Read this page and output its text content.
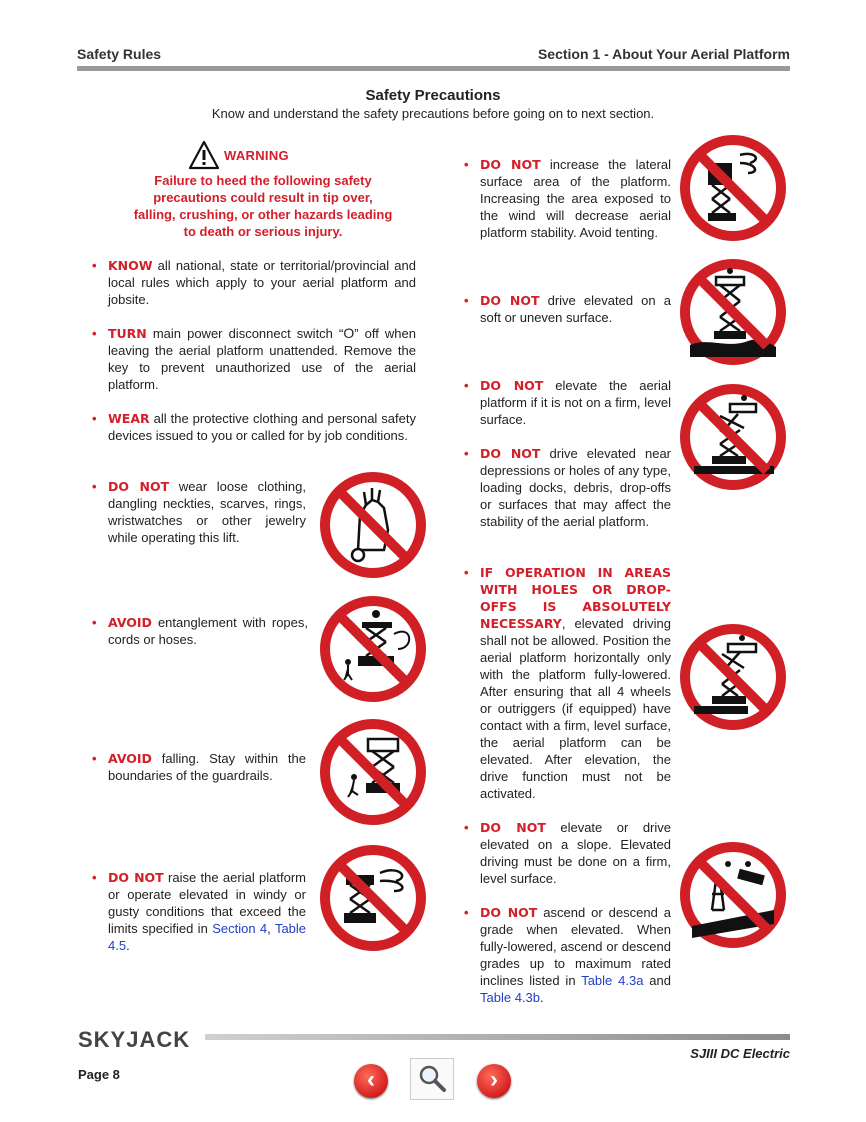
Safety Rules	Section 1 - About Your Aerial Platform
Safety Precautions
Know and understand the safety precautions before going on to next section.
WARNING
Failure to heed the following safety
precautions could result in tip over,
falling, crushing, or other hazards leading
to death or serious injury.
• KNOW all national, state or territorial/provincial and local rules which apply to your aerial platform and jobsite.
• TURN main power disconnect switch “O” off when leaving the aerial platform unattended. Remove the key to prevent unauthorized use of the aerial platform.
• WEAR all the protective clothing and personal safety devices issued to you or called for by job conditions.
• DO NOT wear loose clothing, dangling neckties, scarves, rings, wristwatches or other jewelry while operating this lift.
• AVOID entanglement with ropes, cords or hoses.
• AVOID falling. Stay within the boundaries of the guardrails.
• DO NOT raise the aerial platform or operate elevated in windy or gusty conditions that exceed the limits specified in Section 4, Table 4.5.
• DO NOT increase the lateral surface area of the platform. Increasing the area exposed to the wind will decrease aerial platform stability. Avoid tenting.
• DO NOT drive elevated on a soft or uneven surface.
• DO NOT elevate the aerial platform if it is not on a firm, level surface.
• DO NOT drive elevated near depressions or holes of any type, loading docks, debris, drop-offs or surfaces that may affect the stability of the aerial platform.
• IF OPERATION IN AREAS WITH HOLES OR DROP-OFFS IS ABSOLUTELY NECESSARY, elevated driving shall not be allowed. Position the aerial platform horizontally only with the platform fully-lowered. After ensuring that all 4 wheels or outriggers (if equipped) have contact with a firm, level surface, the aerial platform can be elevated. After elevation, the drive function must not be activated.
• DO NOT elevate or drive elevated on a slope. Elevated driving must be done on a firm, level surface.
• DO NOT ascend or descend a grade when elevated. When fully-lowered, ascend or descend grades up to maximum rated inclines listed in Table 4.3a and Table 4.3b.
SKYJACK
SJIII DC Electric
Page 8	‹	›
